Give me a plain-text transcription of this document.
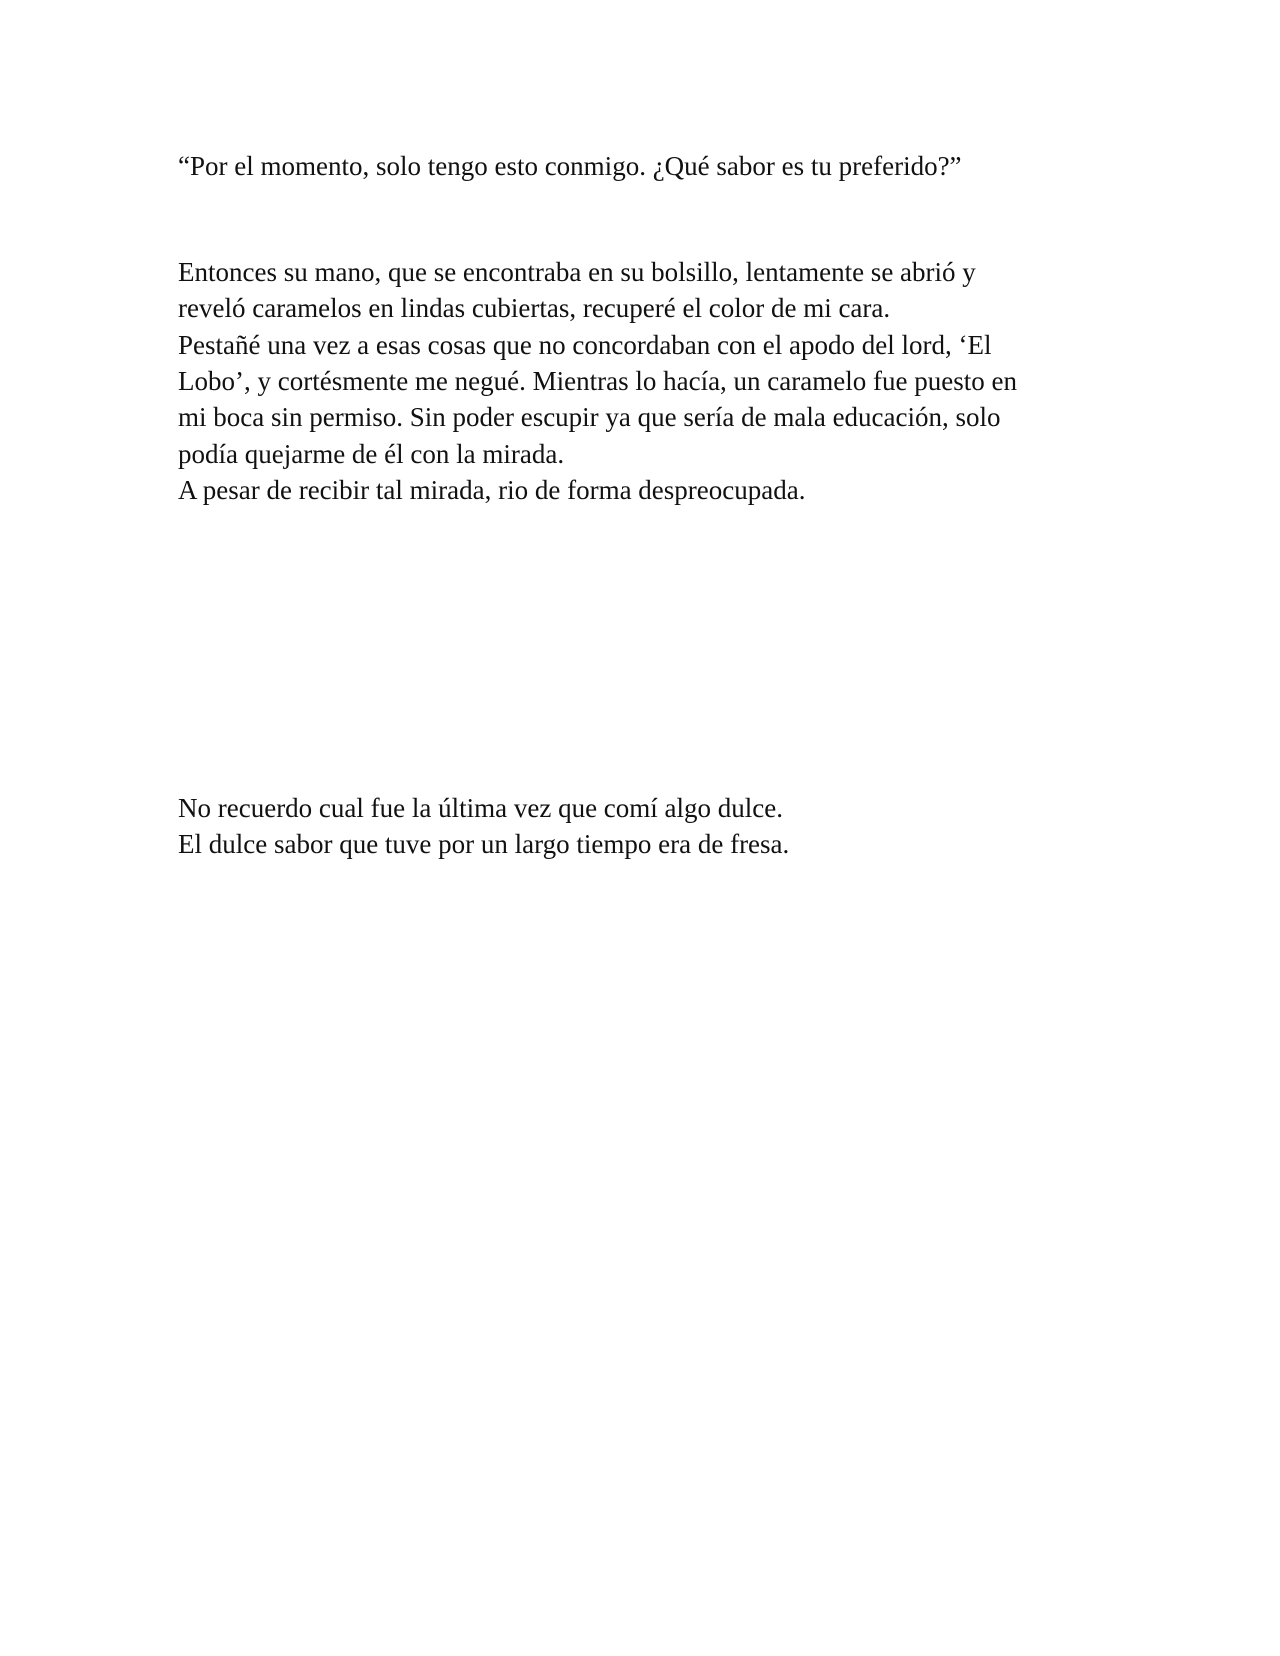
“Por el momento, solo tengo esto conmigo. ¿Qué sabor es tu preferido?”

Entonces su mano, que se encontraba en su bolsillo, lentamente se abrió y

reveló caramelos en lindas cubiertas, recuperé el color de mi cara.

Pestañé una vez a esas cosas que no concordaban con el apodo del lord, ‘El

Lobo’, y cortésmente me negué. Mientras lo hacía, un caramelo fue puesto en

mi boca sin permiso. Sin poder escupir ya que sería de mala educación, solo

podía quejarme de él con la mirada.

A pesar de recibir tal mirada, rio de forma despreocupada.

No recuerdo cual fue la última vez que comí algo dulce.

El dulce sabor que tuve por un largo tiempo era de fresa.
